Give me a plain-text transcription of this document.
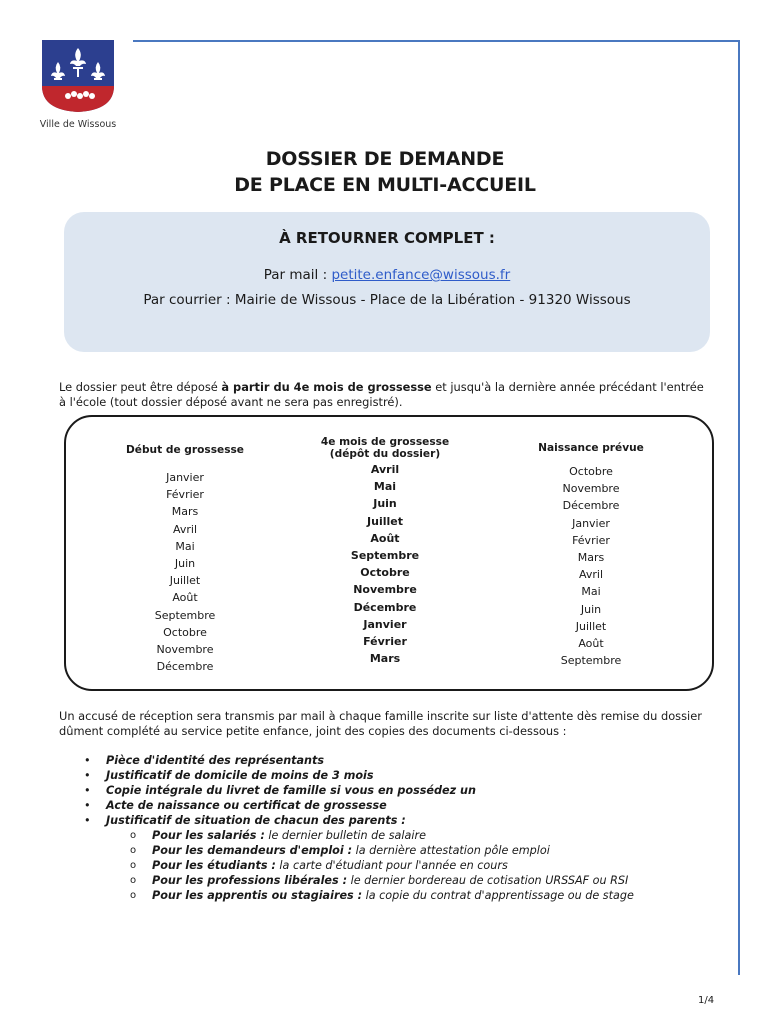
Ville de Wissous
DOSSIER DE DEMANDE
DE PLACE EN MULTI-ACCUEIL
À RETOURNER COMPLET :
Par mail : petite.enfance@wissous.fr
Par courrier : Mairie de Wissous - Place de la Libération - 91320 Wissous
Le dossier peut être déposé à partir du 4e mois de grossesse et jusqu'à la dernière année précédant l'entrée à l'école (tout dossier déposé avant ne sera pas enregistré).
Début de grossesse
Janvier
Février
Mars
Avril
Mai
Juin
Juillet
Août
Septembre
Octobre
Novembre
Décembre
4e mois de grossesse (dépôt du dossier)
Avril
Mai
Juin
Juillet
Août
Septembre
Octobre
Novembre
Décembre
Janvier
Février
Mars
Naissance prévue
Octobre
Novembre
Décembre
Janvier
Février
Mars
Avril
Mai
Juin
Juillet
Août
Septembre
Un accusé de réception sera transmis par mail à chaque famille inscrite sur liste d'attente dès remise du dossier dûment complété au service petite enfance, joint des copies des documents ci-dessous :
• Pièce d'identité des représentants
• Justificatif de domicile de moins de 3 mois
• Copie intégrale du livret de famille si vous en possédez un
• Acte de naissance ou certificat de grossesse
• Justificatif de situation de chacun des parents :
o Pour les salariés : le dernier bulletin de salaire
o Pour les demandeurs d'emploi : la dernière attestation pôle emploi
o Pour les étudiants : la carte d'étudiant pour l'année en cours
o Pour les professions libérales : le dernier bordereau de cotisation URSSAF ou RSI
o Pour les apprentis ou stagiaires : la copie du contrat d'apprentissage ou de stage
1/4
